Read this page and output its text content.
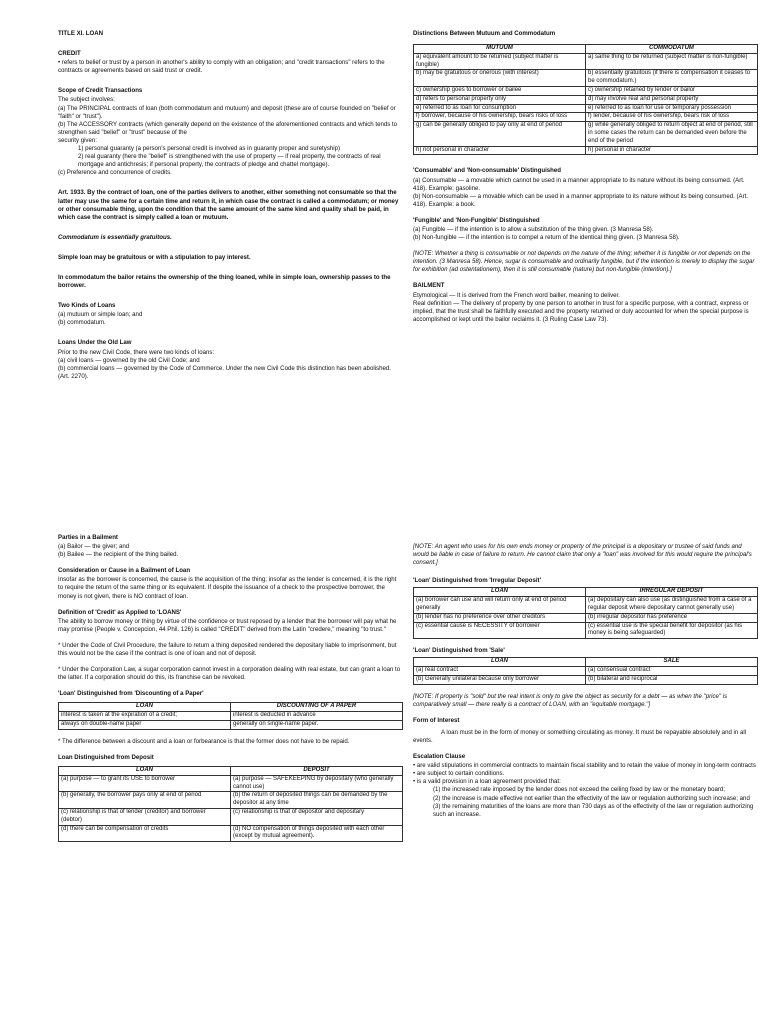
TITLE XI. LOAN

CREDIT

• refers to belief or trust by a person in another's ability to comply with an obligation; and "credit transactions" refers to the contracts or agreements based on said trust or credit.

Scope of Credit Transactions

The subject involves:
(a) The PRINCIPAL contracts of loan (both commodatum and mutuum) and deposit (these are of course founded on "belief or "faith" or "trust").
(b) The ACCESSORY contracts (which generally depend on the existence of the aforementioned contracts and which tends to strengthen said "belief" or "trust" because of the
security given:
1) personal guaranty (a person's personal credit is involved as in guaranty proper and suretyship)
2) real guaranty (here the "belief" is strengthened with the use of property — if real property, the contracts of real mortgage and antichresis; if personal property, the contracts of pledge and chattel mortgage).

(c) Preference and concurrence of credits.

Art. 1933. By the contract of loan, one of the parties delivers to another, either something not consumable so that the latter may use the same for a certain time and return it, in which case the contract is called a commodatum; or money or other consumable thing, upon the condition that the same amount of the same kind and quality shall be paid, in which case the contract is simply called a loan or mutuum.

Commodatum is essentially gratuitous.

Simple loan may be gratuitous or with a stipulation to pay interest.

In commodatum the bailor retains the ownership of the thing loaned, while in simple loan, ownership passes to the borrower.

Two Kinds of Loans

(a) mutuum or simple loan; and

(b) commodatum.

Loans Under the Old Law

Prior to the new Civil Code, there were two kinds of loans:
(a) civil loans — governed by the old Civil Code; and
(b) commercial loans — governed by the Code of Commerce. Under the new Civil Code this distinction has been abolished. (Art. 2270).

Distinctions Between Mutuum and Commodatum

MUTUUM	COMMODATUM
a) equivalent amount to be returned (subject matter is fungible)	a) same thing to be returned (subject matter is non-fungible)
b) may be gratuitous or onerous (with interest)	b) essentially gratuitous (if there is compensation it ceases to be commodatum.)
c) ownership goes to borrower or bailee	c) ownership retained by lender or bailor
d) refers to personal property only	d) may involve real and personal property
e) referred to as loan for consumption	e) referred to as loan for use or temporary possession
f) borrower, because of his ownership, bears risks of loss	f) lender, because of his ownership, bears risk of loss
g) can be generally obliged to pay only at end of period	g) while generally obliged to return object at end of period, still in some cases the return can be demanded even before the end of the period
h) not personal in character	h) personal in character

'Consumable' and 'Non-consumable' Distinguished

(a) Consumable — a movable which cannot be used in a manner appropriate to its nature without its being consumed. (Art. 418). Example: gasoline.

(b) Non-consumable — a movable which can be used in a manner appropriate to its nature without its being consumed. (Art. 418). Example: a book.

'Fungible' and 'Non-Fungible' Distinguished

(a) Fungible — if the intention is to allow a substitution of the thing given. (3 Manresa 58).

(b) Non-fungible — if the intention is to compel a return of the identical thing given. (3 Manresa 58).

[NOTE: Whether a thing is consumable or not depends on the nature of the thing; whether it is fungible or not depends on the intention. (3 Manresa 58). Hence, sugar is consumable and ordinarily fungible, but if the intention is merely to display the sugar for exhibition (ad ostentationem), then it is still consumable (nature) but non-fungible (intention).]

BAILMENT

Etymological — It is derived from the French word bailler, meaning to deliver.
Real definition — The delivery of property by one person to another in trust for a specific purpose, with a contract, express or implied, that the trust shall be faithfully executed and the property returned or duly accounted for when the special purpose is accomplished or kept until the bailor reclaims it. (3 Ruling Case Law 73).

Parties in a Bailment

(a) Bailor — the giver; and

(b) Bailee — the recipient of the thing bailed.

Consideration or Cause in a Bailment of Loan

Insofar as the borrower is concerned, the cause is the acquisition of the thing; insofar as the lender is concerned, it is the right to require the return of the same thing or its equivalent. If despite the issuance of a check to the prospective borrower, the money is not given, there is NO contract of loan.

Definition of 'Credit' as Applied to 'LOANS'

The ability to borrow money or thing by virtue of the confidence or trust reposed by a lender that the borrower will pay what he may promise (People v. Concepcion, 44 Phil. 126) is called "CREDIT" derived from the Latin "credere," meaning "to trust."

* Under the Code of Civil Procedure, the failure to return a thing deposited rendered the depositary liable to imprisonment, but this would not be the case if the contract is one of loan and not of deposit.

* Under the Corporation Law, a sugar corporation cannot invest in a corporation dealing with real estate, but can grant a loan to the latter. If a corporation should do this, its franchise can be revoked.

'Loan' Distinguished from 'Discounting of a Paper'

LOAN	DISCOUNTING OF A PAPER
interest is taken at the expiration of a credit;	interest is deducted in advance
always on double-name paper	generally on single-name paper.

* The difference between a discount and a loan or forbearance is that the former does not have to be repaid.

Loan Distinguished from Deposit

LOAN	DEPOSIT
(a) purpose — to grant its USE to borrower	(a) purpose — SAFEKEEPING by depositary (who generally cannot use)
(b) generally, the borrower pays only at end of period	(b) the return of deposited things can be demanded by the depositor at any time
(c) relationship is that of lender (creditor) and borrower (debtor)	(c) relationship is that of depositor and depositary
(d) there can be compensation of credits	(d) NO compensation of things deposited with each other (except by mutual agreement).

[NOTE: An agent who uses for his own ends money or property of the principal is a depositary or trustee of said funds and would be liable in case of failure to return. He cannot claim that only a "loan" was involved for this would require the principal's consent.]

'Loan' Distinguished from 'Irregular Deposit'

LOAN	IRREGULAR DEPOSIT
(a) borrower can use and will return only at end of period generally	(a) depositary can also use (as distinguished from a case of a regular deposit where depositary cannot generally use)
(b) lender has no preference over other creditors	(b) irregular depositor has preference
(c) essential cause is NECESSITY of borrower	(c) essential use is the special benefit for depositor (as his money is being safeguarded)

'Loan' Distinguished from 'Sale'

LOAN	SALE
(a) real contract	(a) consensual contract
(b) Generally unilateral because only borrower	(b) bilateral and reciprocal

[NOTE: If property is "sold" but the real intent is only to give the object as security for a debt — as when the "price" is comparatively small — there really is a contract of LOAN, with an "equitable mortgage."]

Form of Interest

A loan must be in the form of money or something circulating as money. It must be repayable absolutely and in all events.

Escalation Clause

• are valid stipulations in commercial contracts to maintain fiscal stability and to retain the value of money in long-term contracts
• are subject to certain conditions.
• is a valid provision in a loan agreement provided that:
(1) the increased rate imposed by the lender does not exceed the ceiling fixed by law or the monetary board;
(2) the increase is made effective not earlier than the effectivity of the law or regulation authorizing such increase; and
(3) the remaining maturities of the loans are more than 730 days as of the effectivity of the law or regulation authorizing such an increase.
